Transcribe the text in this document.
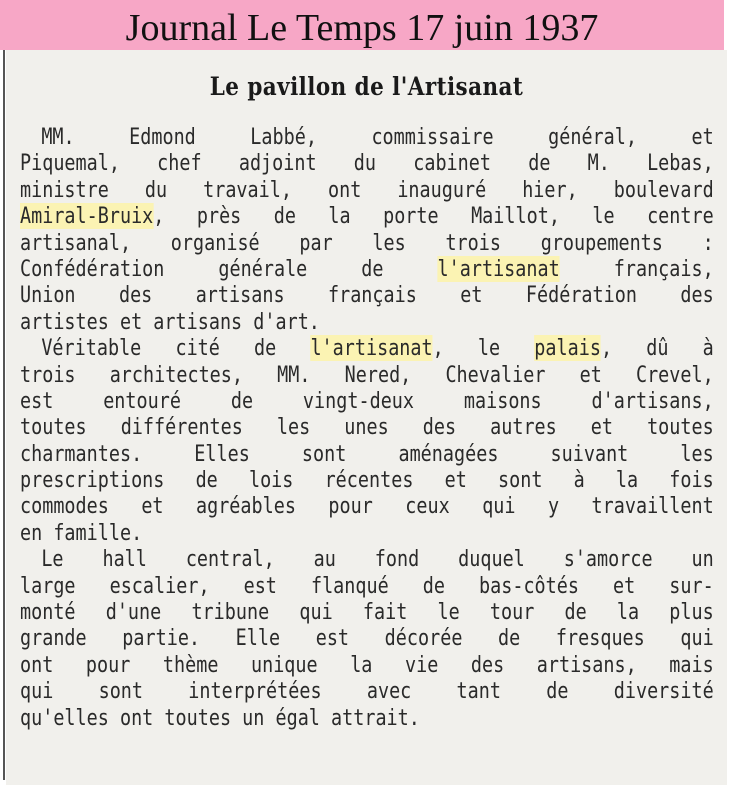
Journal Le Temps 17 juin 1937
Le pavillon de l'Artisanat
MM. Edmond Labbé, commissaire général, et
Piquemal, chef adjoint du cabinet de M. Lebas,
ministre du travail, ont inauguré hier, boulevard
Amiral-Bruix, près de la porte Maillot, le centre
artisanal, organisé par les trois groupements :
Confédération générale de l'artisanat français,
Union des artisans français et Fédération des
artistes et artisans d'art.
Véritable cité de l'artisanat, le palais, dû à
trois architectes, MM. Nered, Chevalier et Crevel,
est entouré de vingt-deux maisons d'artisans,
toutes différentes les unes des autres et toutes
charmantes. Elles sont aménagées suivant les
prescriptions de lois récentes et sont à la fois
commodes et agréables pour ceux qui y travaillent
en famille.
Le hall central, au fond duquel s'amorce un
large escalier, est flanqué de bas-côtés et sur-
monté d'une tribune qui fait le tour de la plus
grande partie. Elle est décorée de fresques qui
ont pour thème unique la vie des artisans, mais
qui sont interprétées avec tant de diversité
qu'elles ont toutes un égal attrait.
